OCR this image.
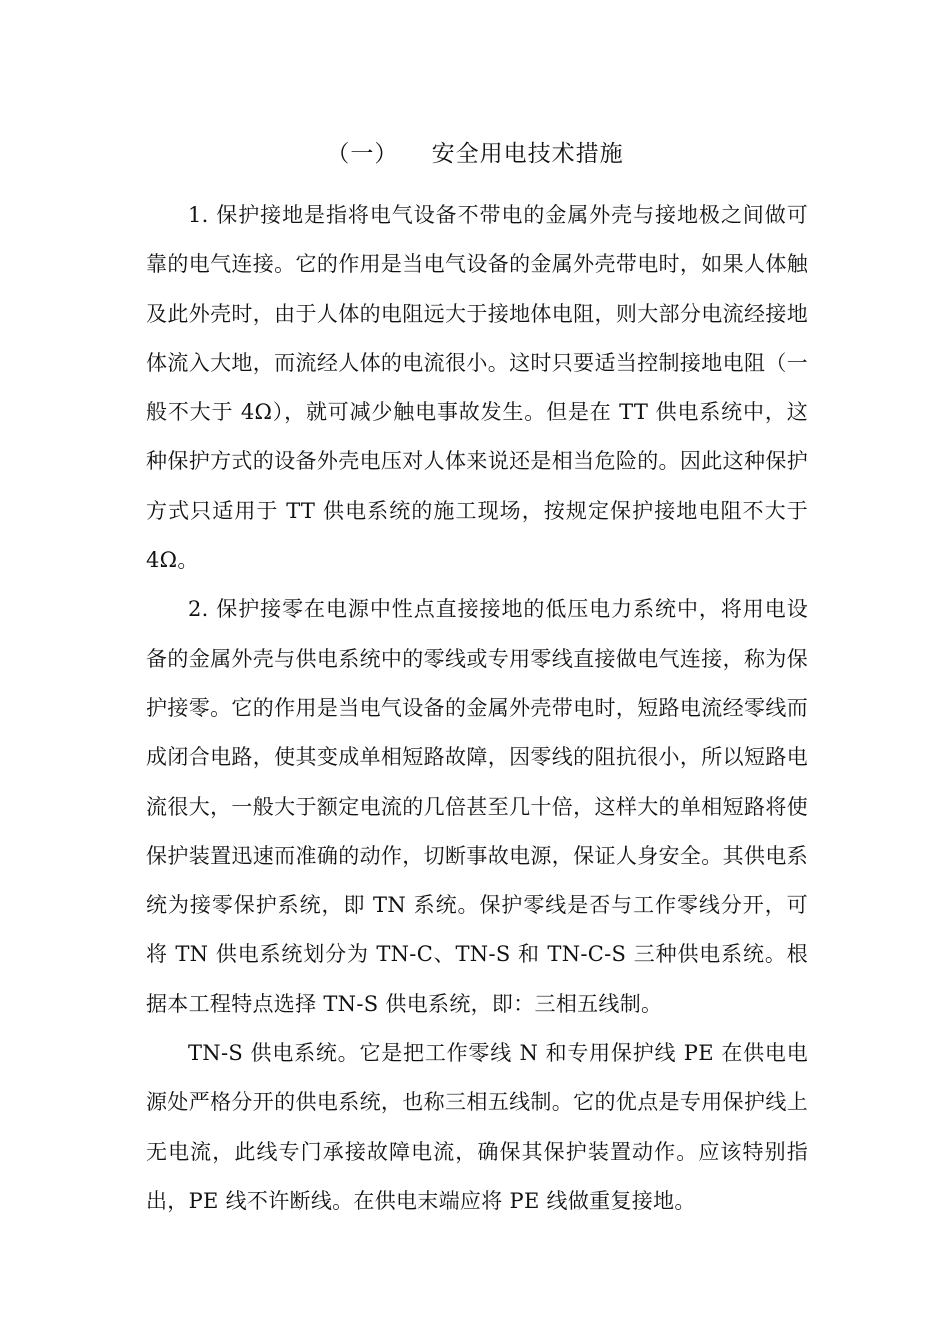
（一）    安全用电技术措施

1. 保护接地是指将电气设备不带电的金属外壳与接地极之间做可靠的电气连接。它的作用是当电气设备的金属外壳带电时，如果人体触及此外壳时，由于人体的电阻远大于接地体电阻，则大部分电流经接地体流入大地，而流经人体的电流很小。这时只要适当控制接地电阻（一般不大于 4Ω），就可减少触电事故发生。但是在 TT 供电系统中，这种保护方式的设备外壳电压对人体来说还是相当危险的。因此这种保护方式只适用于 TT 供电系统的施工现场，按规定保护接地电阻不大于 4Ω。

2. 保护接零在电源中性点直接接地的低压电力系统中，将用电设备的金属外壳与供电系统中的零线或专用零线直接做电气连接，称为保护接零。它的作用是当电气设备的金属外壳带电时，短路电流经零线而成闭合电路，使其变成单相短路故障，因零线的阻抗很小，所以短路电流很大，一般大于额定电流的几倍甚至几十倍，这样大的单相短路将使保护装置迅速而准确的动作，切断事故电源，保证人身安全。其供电系统为接零保护系统，即 TN 系统。保护零线是否与工作零线分开，可将 TN 供电系统划分为 TN-C、TN-S 和 TN-C-S 三种供电系统。根据本工程特点选择 TN-S 供电系统，即：三相五线制。

TN-S 供电系统。它是把工作零线 N 和专用保护线 PE 在供电电源处严格分开的供电系统，也称三相五线制。它的优点是专用保护线上无电流，此线专门承接故障电流，确保其保护装置动作。应该特别指出，PE 线不许断线。在供电末端应将 PE 线做重复接地。
